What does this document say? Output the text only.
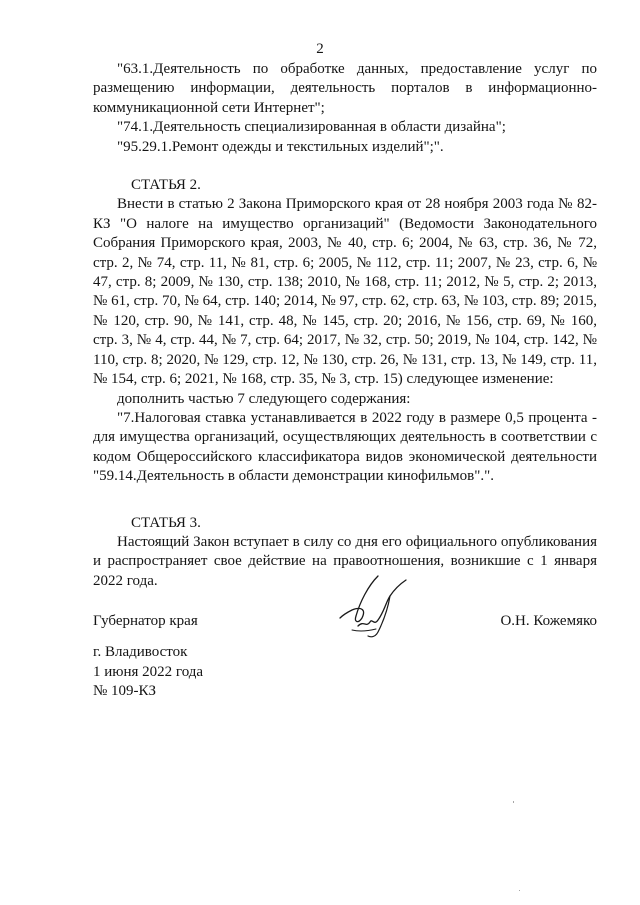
2

"63.1.Деятельность по обработке данных, предоставление услуг по размещению информации, деятельность порталов в информационно-коммуникационной сети Интернет";

"74.1.Деятельность специализированная в области дизайна";

"95.29.1.Ремонт одежды и текстильных изделий";".

СТАТЬЯ 2.

Внести в статью 2 Закона Приморского края от 28 ноября 2003 года № 82-КЗ "О налоге на имущество организаций" (Ведомости Законодательного Собрания Приморского края, 2003, № 40, стр. 6; 2004, № 63, стр. 36, № 72, стр. 2, № 74, стр. 11, № 81, стр. 6; 2005, № 112, стр. 11; 2007, № 23, стр. 6, № 47, стр. 8; 2009, № 130, стр. 138; 2010, № 168, стр. 11; 2012, № 5, стр. 2; 2013, № 61, стр. 70, № 64, стр. 140; 2014, № 97, стр. 62, стр. 63, № 103, стр. 89; 2015, № 120, стр. 90, № 141, стр. 48, № 145, стр. 20; 2016, № 156, стр. 69, № 160, стр. 3, № 4, стр. 44, № 7, стр. 64; 2017, № 32, стр. 50; 2019, № 104, стр. 142, № 110, стр. 8; 2020, № 129, стр. 12, № 130, стр. 26, № 131, стр. 13, № 149, стр. 11, № 154, стр. 6; 2021, № 168, стр. 35, № 3, стр. 15) следующее изменение:

дополнить частью 7 следующего содержания:

"7.Налоговая ставка устанавливается в 2022 году в размере 0,5 процента - для имущества организаций, осуществляющих деятельность в соответствии с кодом Общероссийского классификатора видов экономической деятельности "59.14.Деятельность в области демонстрации кинофильмов".".

СТАТЬЯ 3.

Настоящий Закон вступает в силу со дня его официального опубликования и распространяет свое действие на правоотношения, возникшие с 1 января 2022 года.

Губернатор края	О.Н. Кожемяко
г. Владивосток
1 июня 2022 года
№ 109-КЗ
